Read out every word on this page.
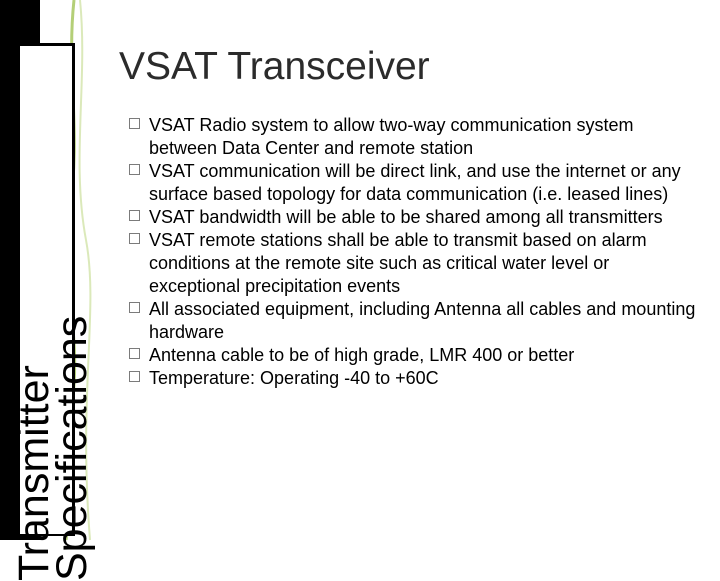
Transmitter
Specifications
VSAT Transceiver
VSAT Radio system to allow two-way communication system between Data Center and remote station
VSAT communication will be direct link, and use the internet or any surface based topology for data communication (i.e. leased lines)
VSAT bandwidth will be able to be shared among all transmitters
VSAT remote stations shall be able to transmit based on alarm conditions at the remote site such as critical water level or exceptional precipitation events
All associated equipment, including Antenna all cables and mounting hardware
Antenna cable to be of high grade, LMR 400 or better
Temperature: Operating -40 to +60C
